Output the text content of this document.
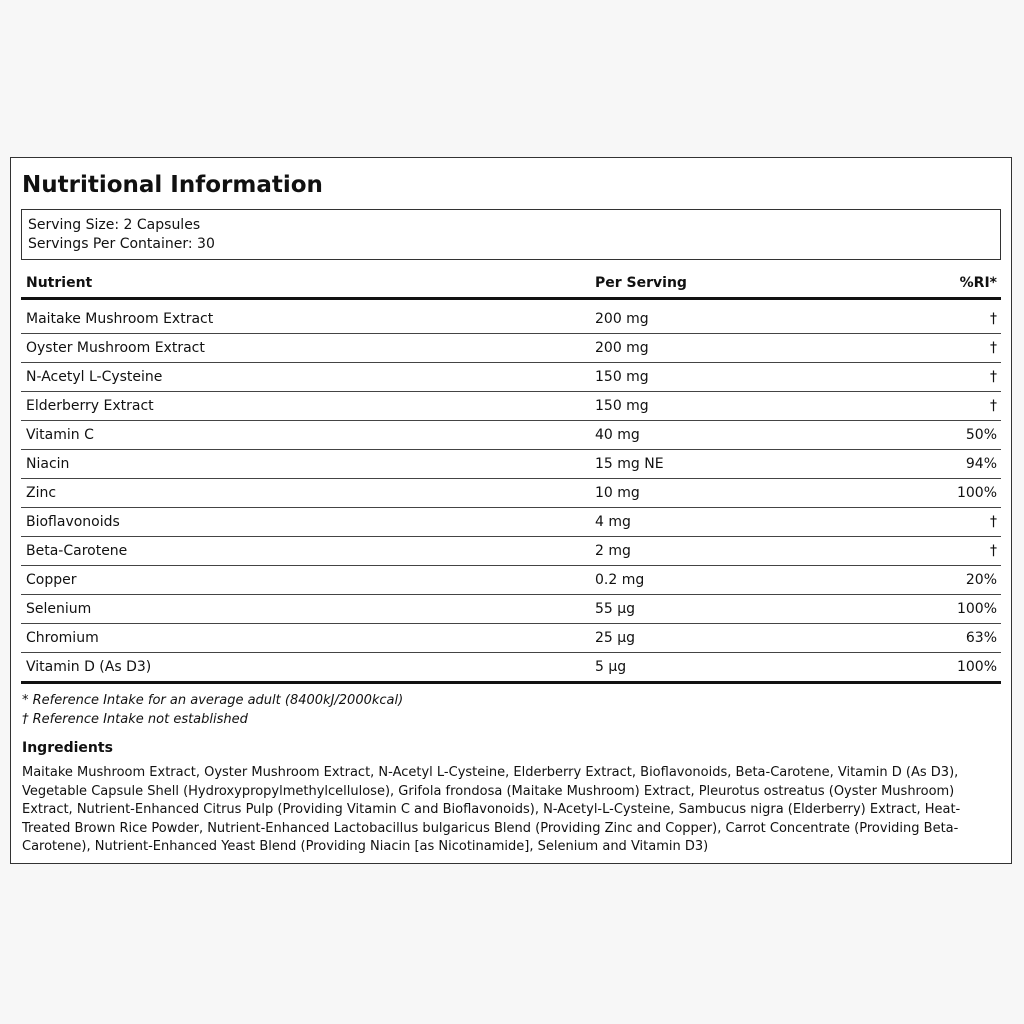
Nutritional Information
Serving Size: 2 Capsules
Servings Per Container: 30
Nutrient	Per Serving	%RI*
Maitake Mushroom Extract	200 mg	†
Oyster Mushroom Extract	200 mg	†
N-Acetyl L-Cysteine	150 mg	†
Elderberry Extract	150 mg	†
Vitamin C	40 mg	50%
Niacin	15 mg NE	94%
Zinc	10 mg	100%
Bioflavonoids	4 mg	†
Beta-Carotene	2 mg	†
Copper	0.2 mg	20%
Selenium	55 µg	100%
Chromium	25 µg	63%
Vitamin D (As D3)	5 µg	100%
* Reference Intake for an average adult (8400kJ/2000kcal)
† Reference Intake not established
Ingredients
Maitake Mushroom Extract, Oyster Mushroom Extract, N-Acetyl L-Cysteine, Elderberry Extract, Bioflavonoids, Beta-Carotene, Vitamin D (As D3), Vegetable Capsule Shell (Hydroxypropylmethylcellulose), Grifola frondosa (Maitake Mushroom) Extract, Pleurotus ostreatus (Oyster Mushroom) Extract, Nutrient-Enhanced Citrus Pulp (Providing Vitamin C and Bioflavonoids), N-Acetyl-L-Cysteine, Sambucus nigra (Elderberry) Extract, Heat-Treated Brown Rice Powder, Nutrient-Enhanced Lactobacillus bulgaricus Blend (Providing Zinc and Copper), Carrot Concentrate (Providing Beta-Carotene), Nutrient-Enhanced Yeast Blend (Providing Niacin [as Nicotinamide], Selenium and Vitamin D3)
